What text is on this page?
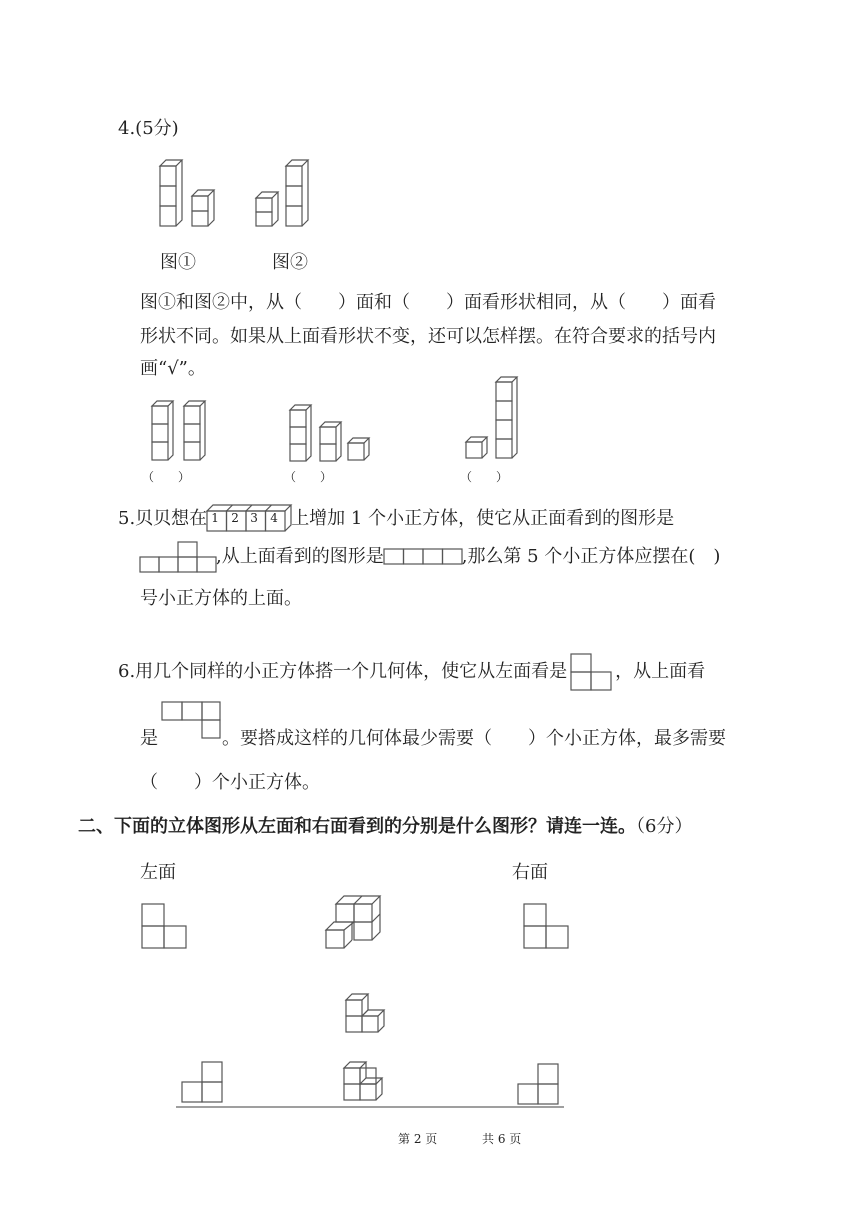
4.(5分)
图①	图②
图①和图②中，从（　　）面和（　　）面看形状相同，从（　　）面看
形状不同。如果从上面看形状不变，还可以怎样摆。在符合要求的括号内
画“√”。
（　　）	（　　）	（　　）
5.贝贝想在 1 2 3 4 上增加 1 个小正方体，使它从正面看到的图形是
,从上面看到的图形是	,那么第 5 个小正方体应摆在(　)
号小正方体的上面。
6.用几个同样的小正方体搭一个几何体，使它从左面看是	，从上面看
是	。要搭成这样的几何体最少需要（　　）个小正方体，最多需要
（　　）个小正方体。
二、下面的立体图形从左面和右面看到的分别是什么图形？请连一连。（6分）
左面	右面
第 2 页	共 6 页
